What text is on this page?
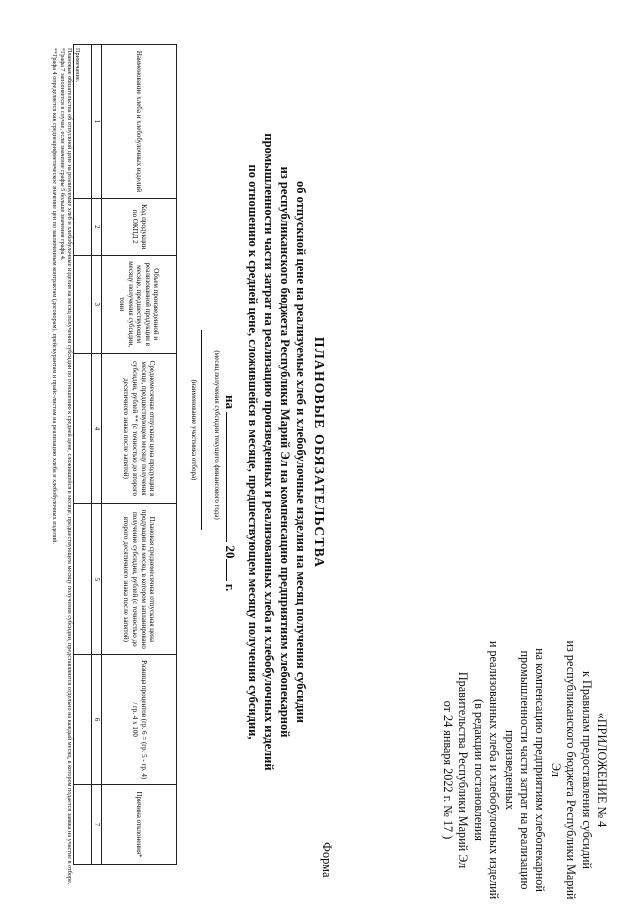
«ПРИЛОЖЕНИЕ № 4
к Правилам предоставления субсидий
из республиканского бюджета Республики Марий Эл
на компенсацию предприятиям хлебопекарной
промышленности части затрат на реализацию произведенных
и реализованных хлеба и хлебобулочных изделий
(в редакции постановления
Правительства Республики Марий Эл
от 24 января 2022 г. № 17 )
Форма
ПЛАНОВЫЕ ОБЯЗАТЕЛЬСТВА
об отпускной цене на реализуемые хлеб и хлебобулочные изделия на месяц получения субсидии
из республиканского бюджета Республики Марий Эл на компенсацию предприятиям хлебопекарной
промышленности части затрат на реализацию произведенных и реализованных хлеба и хлебобулочных изделий
по отношению к средней цене, сложившейся в месяце, предшествующем месяцу получения субсидии,
на  20 г.
(месяц получения субсидии текущего финансового года)
(наименование участника отбора)
Наименование хлеба и хлебобулочных изделий	Код продукции по ОКПД 2	Объем произведенной и реализованной продукции в месяце, предшествующем месяцу получения субсидии, тонн	Среднемесячная отпускная цена продукции в месяце, предшествующем месяцу получения субсидии, рублей ** (с точностью до второго десятичного знака после запятой)	Плановая среднемесячная отпускная цена продукции на месяц, в котором запланировано получение субсидии, рублей (с точностью до второго десятичного знака после запятой)	Разница процентов (гр. 6 = (гр. 5 - гр. 4) / гр. 4 х 100	Причина отклонения*
1	2	3	4	5	6	7

Примечание.

Плановые обязательства об отпускной цене на реализуемые хлеб и хлебобулочные изделия на месяц получения субсидии по отношению к средней цене, сложившейся в месяце, предшествующем месяцу получения субсидии, представляются отдельно на каждый месяц, в котором подается заявка на участие в отборе.

*Графа 7 заполняется в случае, если значение графы 5 больше значения графа 4.

**Графа 4 определяется как среднеарифметическое значение цен по заключенным контрактам (договорам), прейскурантам и прайс-листам на реализацию хлеба и хлебобулочных изделий.
